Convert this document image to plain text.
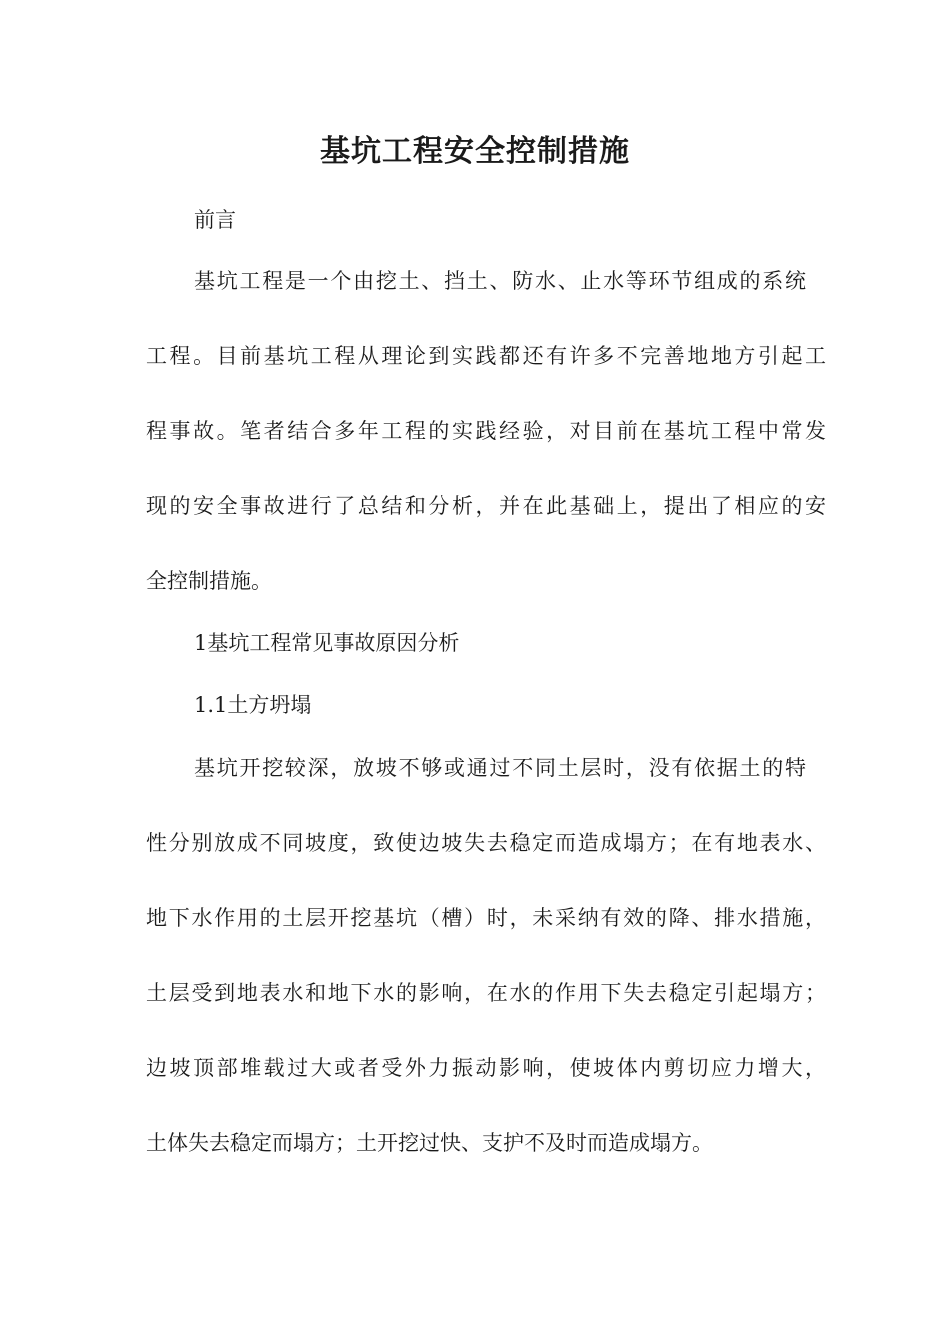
基坑工程安全控制措施

前言

基坑工程是一个由挖土、挡土、防水、止水等环节组成的系统

工程。目前基坑工程从理论到实践都还有许多不完善地地方引起工

程事故。笔者结合多年工程的实践经验，对目前在基坑工程中常发

现的安全事故进行了总结和分析，并在此基础上，提出了相应的安

全控制措施。

1基坑工程常见事故原因分析

1.1土方坍塌

基坑开挖较深，放坡不够或通过不同土层时，没有依据土的特

性分别放成不同坡度，致使边坡失去稳定而造成塌方；在有地表水、

地下水作用的土层开挖基坑（槽）时，未采纳有效的降、排水措施，

土层受到地表水和地下水的影响，在水的作用下失去稳定引起塌方；

边坡顶部堆载过大或者受外力振动影响，使坡体内剪切应力增大，

土体失去稳定而塌方；土开挖过快、支护不及时而造成塌方。
